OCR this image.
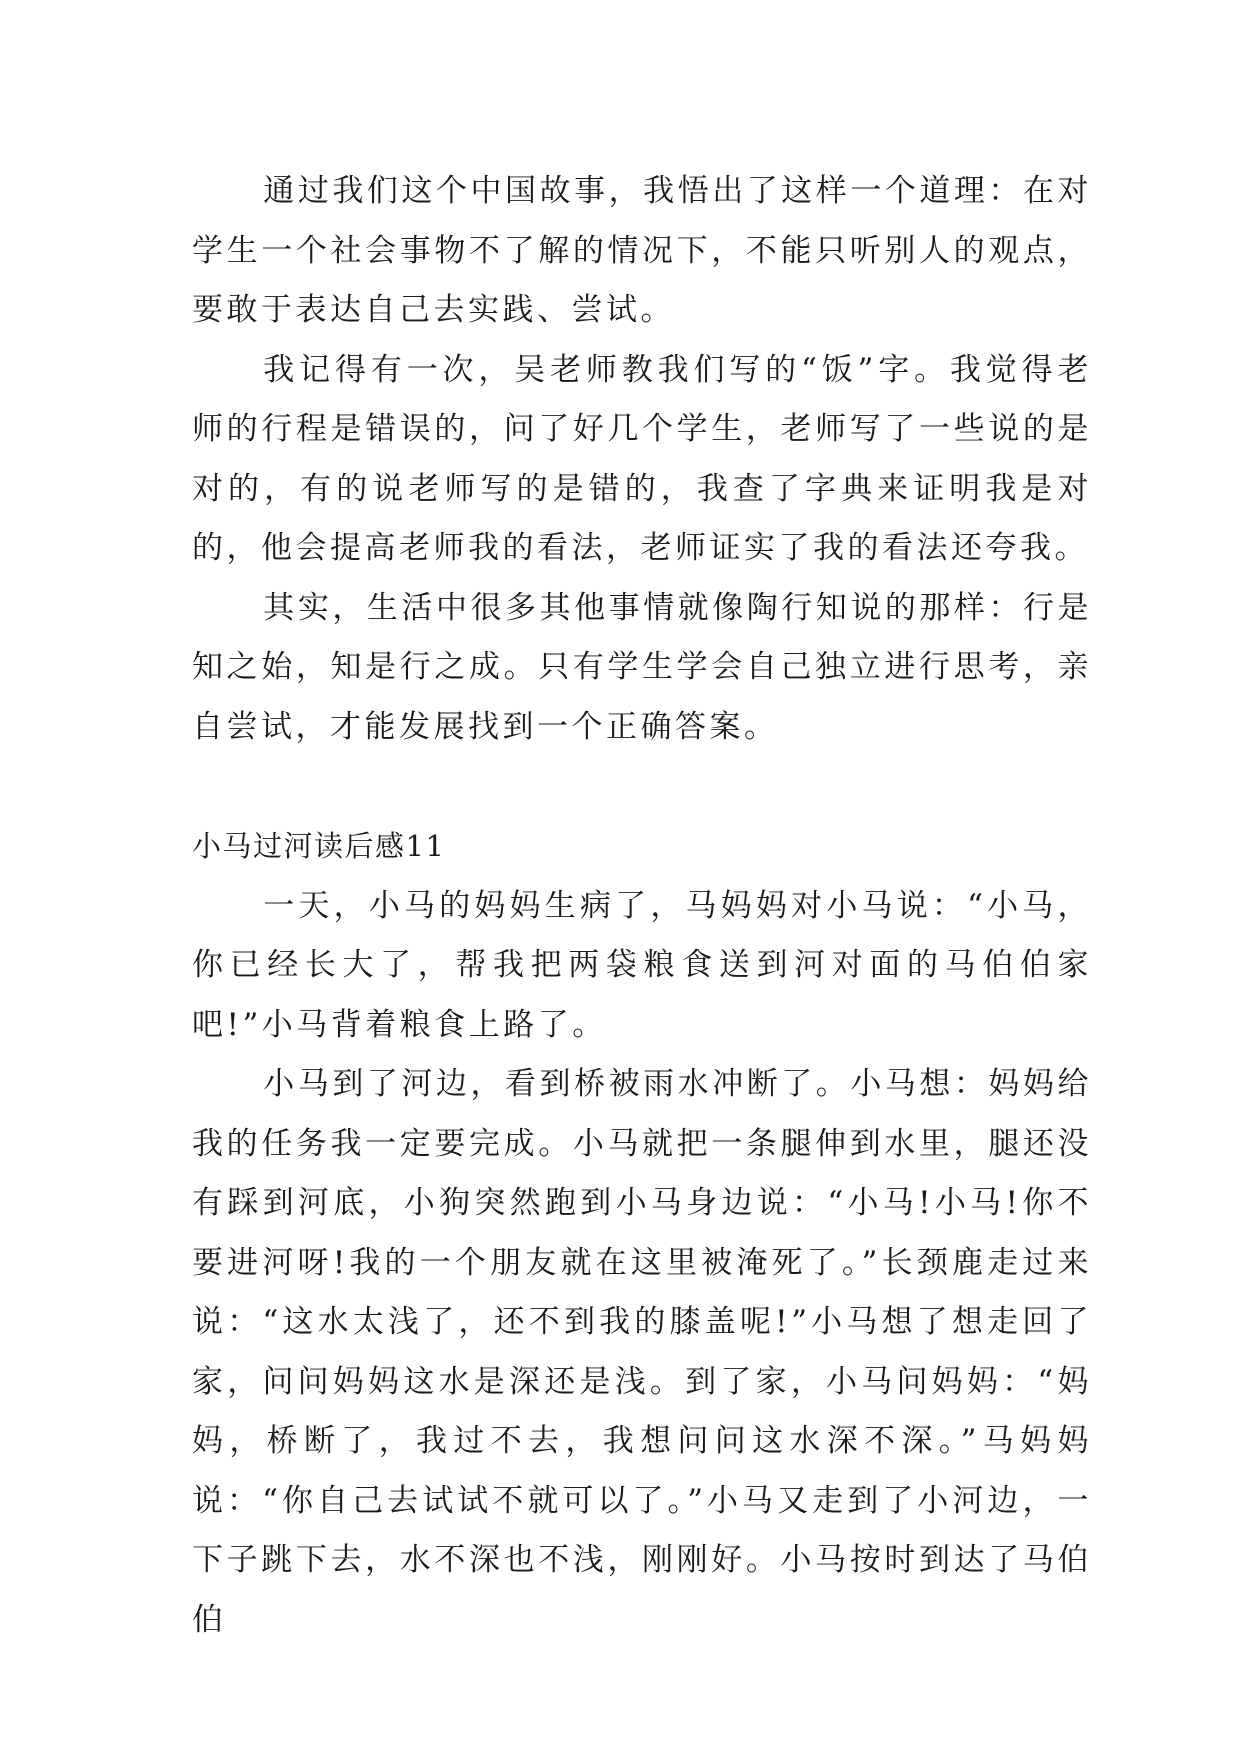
通过我们这个中国故事，我悟出了这样一个道理：在对学生一个社会事物不了解的情况下，不能只听别人的观点，要敢于表达自己去实践、尝试。

我记得有一次，吴老师教我们写的“饭”字。我觉得老师的行程是错误的，问了好几个学生，老师写了一些说的是对的，有的说老师写的是错的，我查了字典来证明我是对的，他会提高老师我的看法，老师证实了我的看法还夸我。

其实，生活中很多其他事情就像陶行知说的那样：行是知之始，知是行之成。只有学生学会自己独立进行思考，亲自尝试，才能发展找到一个正确答案。

小马过河读后感11

一天，小马的妈妈生病了，马妈妈对小马说：“小马，你已经长大了，帮我把两袋粮食送到河对面的马伯伯家吧!”小马背着粮食上路了。

小马到了河边，看到桥被雨水冲断了。小马想：妈妈给我的任务我一定要完成。小马就把一条腿伸到水里，腿还没有踩到河底，小狗突然跑到小马身边说：“小马!小马!你不要进河呀!我的一个朋友就在这里被淹死了。”长颈鹿走过来说：“这水太浅了，还不到我的膝盖呢!”小马想了想走回了家，问问妈妈这水是深还是浅。到了家，小马问妈妈：“妈妈，桥断了，我过不去，我想问问这水深不深。”马妈妈说：“你自己去试试不就可以了。”小马又走到了小河边，一下子跳下去，水不深也不浅，刚刚好。小马按时到达了马伯伯
